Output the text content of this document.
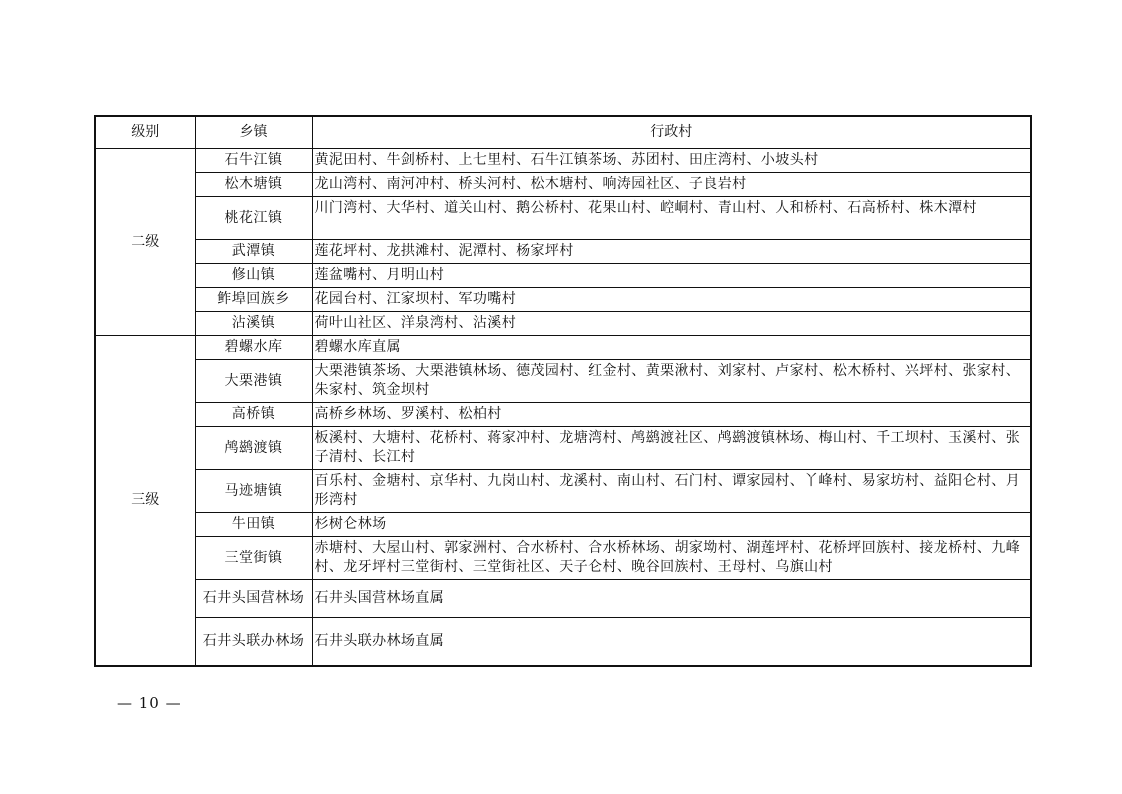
级别	乡镇	行政村
二级	石牛江镇	黄泥田村、牛剑桥村、上七里村、石牛江镇茶场、苏团村、田庄湾村、小坡头村
	松木塘镇	龙山湾村、南河冲村、桥头河村、松木塘村、响涛园社区、子良岩村
	桃花江镇	川门湾村、大华村、道关山村、鹅公桥村、花果山村、崆峒村、青山村、人和桥村、石高桥村、株木潭村
	武潭镇	莲花坪村、龙拱滩村、泥潭村、杨家坪村
	修山镇	莲盆嘴村、月明山村
	鲊埠回族乡	花园台村、江家坝村、军功嘴村
	沾溪镇	荷叶山社区、洋泉湾村、沾溪村
三级	碧螺水库	碧螺水库直属
	大栗港镇	大栗港镇茶场、大栗港镇林场、德茂园村、红金村、黄栗湫村、刘家村、卢家村、松木桥村、兴坪村、张家村、朱家村、筑金坝村
	高桥镇	高桥乡林场、罗溪村、松柏村
	鸬鹚渡镇	板溪村、大塘村、花桥村、蒋家冲村、龙塘湾村、鸬鹚渡社区、鸬鹚渡镇林场、梅山村、千工坝村、玉溪村、张子清村、长江村
	马迹塘镇	百乐村、金塘村、京华村、九岗山村、龙溪村、南山村、石门村、谭家园村、丫峰村、易家坊村、益阳仑村、月形湾村
	牛田镇	杉树仑林场
	三堂街镇	赤塘村、大屋山村、郭家洲村、合水桥村、合水桥林场、胡家坳村、湖莲坪村、花桥坪回族村、接龙桥村、九峰村、龙牙坪村三堂街村、三堂街社区、天子仑村、晚谷回族村、王母村、乌旗山村
	石井头国营林场	石井头国营林场直属
	石井头联办林场	石井头联办林场直属
— 10 —
